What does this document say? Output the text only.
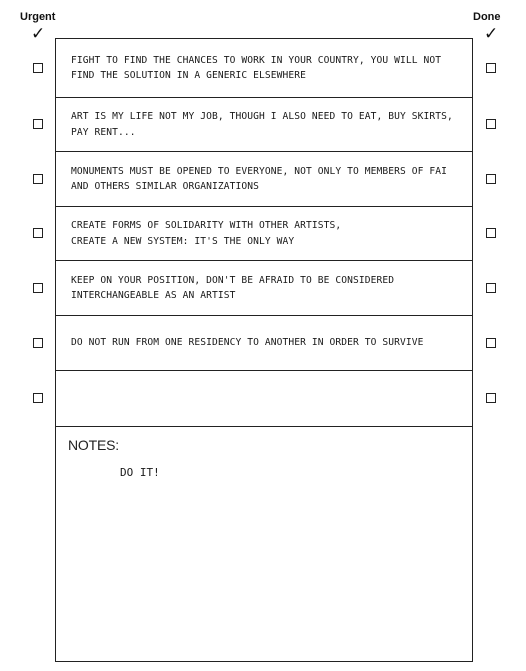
Urgent	Done
✓	✓
FIGHT TO FIND THE CHANCES TO WORK IN YOUR COUNTRY, YOU WILL NOT
FIND THE SOLUTION IN A GENERIC ELSEWHERE
ART IS MY LIFE NOT MY JOB, THOUGH I ALSO NEED TO EAT, BUY SKIRTS,
PAY RENT...
MONUMENTS MUST BE OPENED TO EVERYONE, NOT ONLY TO MEMBERS OF FAI
AND OTHERS SIMILAR ORGANIZATIONS
CREATE FORMS OF SOLIDARITY WITH OTHER ARTISTS,
CREATE A NEW SYSTEM: IT'S THE ONLY WAY
KEEP ON YOUR POSITION, DON'T BE AFRAID TO BE CONSIDERED
INTERCHANGEABLE AS AN ARTIST
DO NOT RUN FROM ONE RESIDENCY TO ANOTHER IN ORDER TO SURVIVE
NOTES:
DO IT!
